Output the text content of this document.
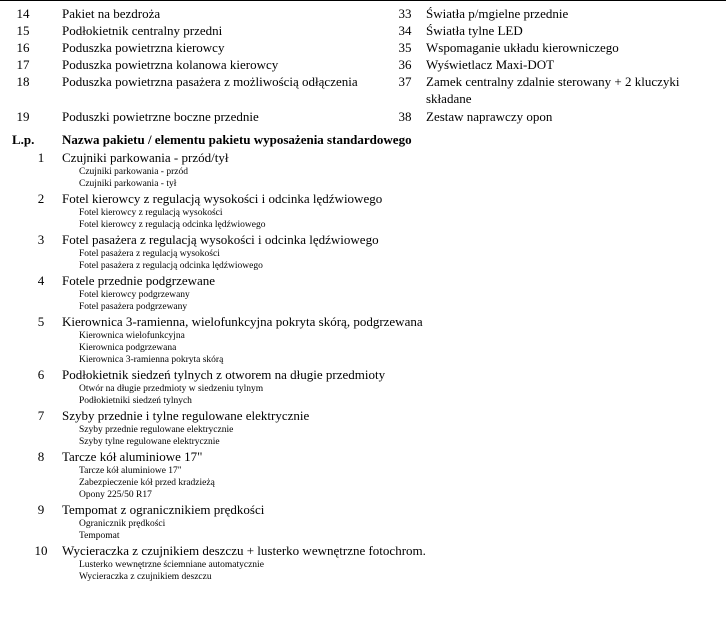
14	Pakiet na bezdroża	33	Światła p/mgielne przednie
15	Podłokietnik centralny przedni	34	Światła tylne LED
16	Poduszka powietrzna kierowcy	35	Wspomaganie układu kierowniczego
17	Poduszka powietrzna kolanowa kierowcy	36	Wyświetlacz Maxi-DOT
18	Poduszka powietrzna pasażera z możliwością odłączenia	37	Zamek centralny zdalnie sterowany + 2 kluczyki składane
19	Poduszki powietrzne boczne przednie	38	Zestaw naprawczy opon
L.p. Nazwa pakietu / elementu pakietu wyposażenia standardowego
1	Czujniki parkowania - przód/tył
Czujniki parkowania - przód
Czujniki parkowania - tył
2	Fotel kierowcy z regulacją wysokości i odcinka lędźwiowego
Fotel kierowcy z regulacją wysokości
Fotel kierowcy z regulacją odcinka lędźwiowego
3	Fotel pasażera z regulacją wysokości i odcinka lędźwiowego
Fotel pasażera z regulacją wysokości
Fotel pasażera z regulacją odcinka lędźwiowego
4	Fotele przednie podgrzewane
Fotel kierowcy podgrzewany
Fotel pasażera podgrzewany
5	Kierownica 3-ramienna, wielofunkcyjna pokryta skórą, podgrzewana
Kierownica wielofunkcyjna
Kierownica podgrzewana
Kierownica 3-ramienna pokryta skórą
6	Podłokietnik siedzeń tylnych z otworem na długie przedmioty
Otwór na długie przedmioty w siedzeniu tylnym
Podłokietniki siedzeń tylnych
7	Szyby przednie i tylne regulowane elektrycznie
Szyby przednie regulowane elektrycznie
Szyby tylne regulowane elektrycznie
8	Tarcze kół aluminiowe 17"
Tarcze kół aluminiowe 17"
Zabezpieczenie kół przed kradzieżą
Opony 225/50 R17
9	Tempomat z ogranicznikiem prędkości
Ogranicznik prędkości
Tempomat
10	Wycieraczka z czujnikiem deszczu + lusterko wewnętrzne fotochrom.
Lusterko wewnętrzne ściemniane automatycznie
Wycieraczka z czujnikiem deszczu
